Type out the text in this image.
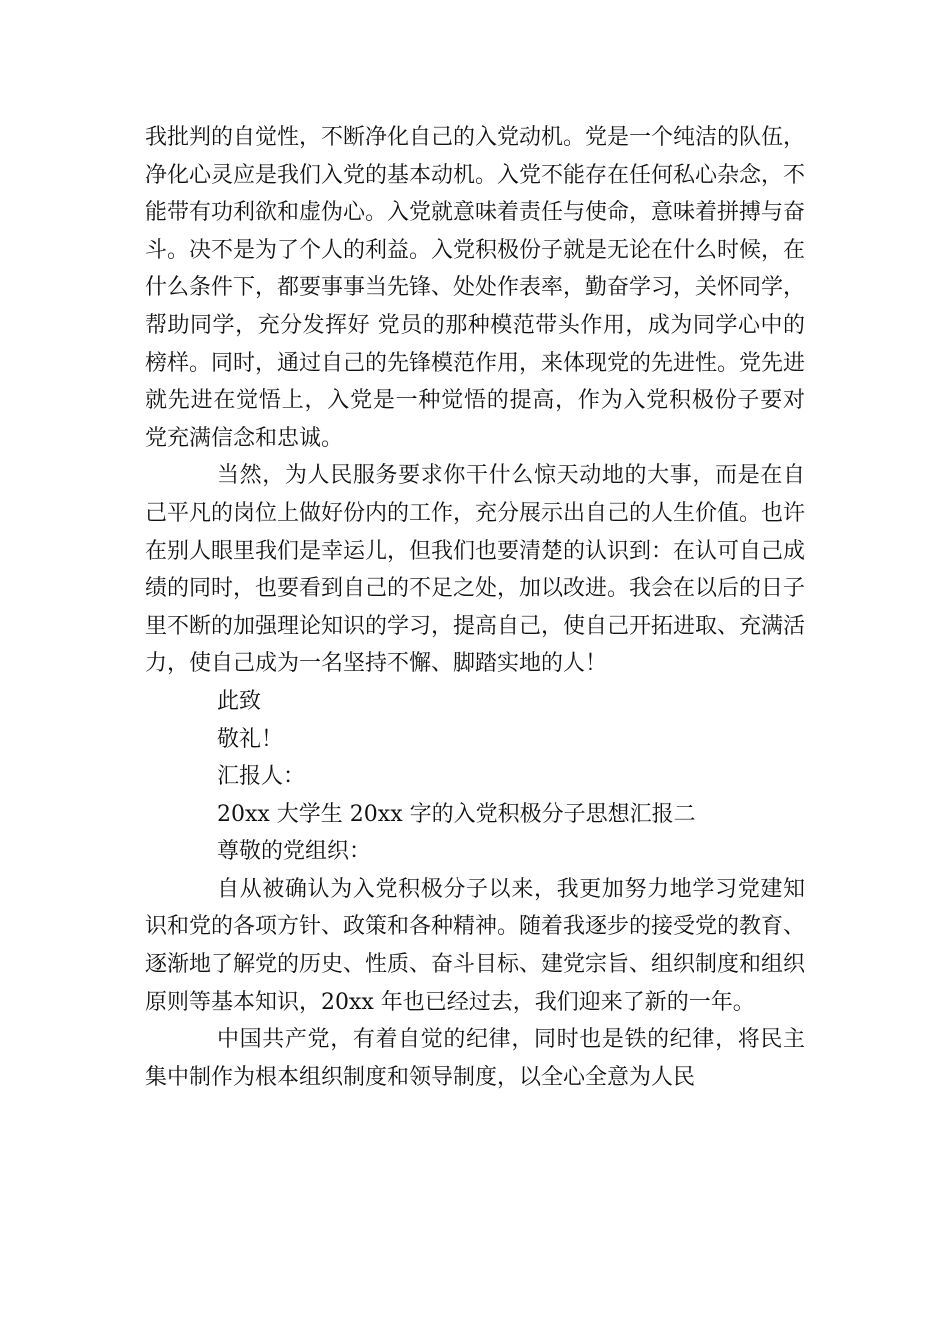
我批判的自觉性，不断净化自己的入党动机。党是一个纯洁的队伍，净化心灵应是我们入党的基本动机。入党不能存在任何私心杂念，不能带有功利欲和虚伪心。入党就意味着责任与使命，意味着拼搏与奋斗。决不是为了个人的利益。入党积极份子就是无论在什么时候，在什么条件下，都要事事当先锋、处处作表率，勤奋学习，关怀同学，帮助同学，充分发挥好 党员的那种模范带头作用，成为同学心中的榜样。同时，通过自己的先锋模范作用，来体现党的先进性。党先进就先进在觉悟上，入党是一种觉悟的提高，作为入党积极份子要对 党充满信念和忠诚。

当然，为人民服务要求你干什么惊天动地的大事，而是在自己平凡的岗位上做好份内的工作，充分展示出自己的人生价值。也许在别人眼里我们是幸运儿，但我们也要清楚的认识到：在认可自己成绩的同时，也要看到自己的不足之处，加以改进。我会在以后的日子里不断的加强理论知识的学习，提高自己，使自己开拓进取、充满活力，使自己成为一名坚持不懈、脚踏实地的人！

此致

敬礼！

汇报人：

20xx 大学生 20xx 字的入党积极分子思想汇报二

尊敬的党组织：

自从被确认为入党积极分子以来，我更加努力地学习党建知识和党的各项方针、政策和各种精神。随着我逐步的接受党的教育、逐渐地了解党的历史、性质、奋斗目标、建党宗旨、组织制度和组织原则等基本知识，20xx 年也已经过去，我们迎来了新的一年。

中国共产党，有着自觉的纪律，同时也是铁的纪律，将民主集中制作为根本组织制度和领导制度，以全心全意为人民
